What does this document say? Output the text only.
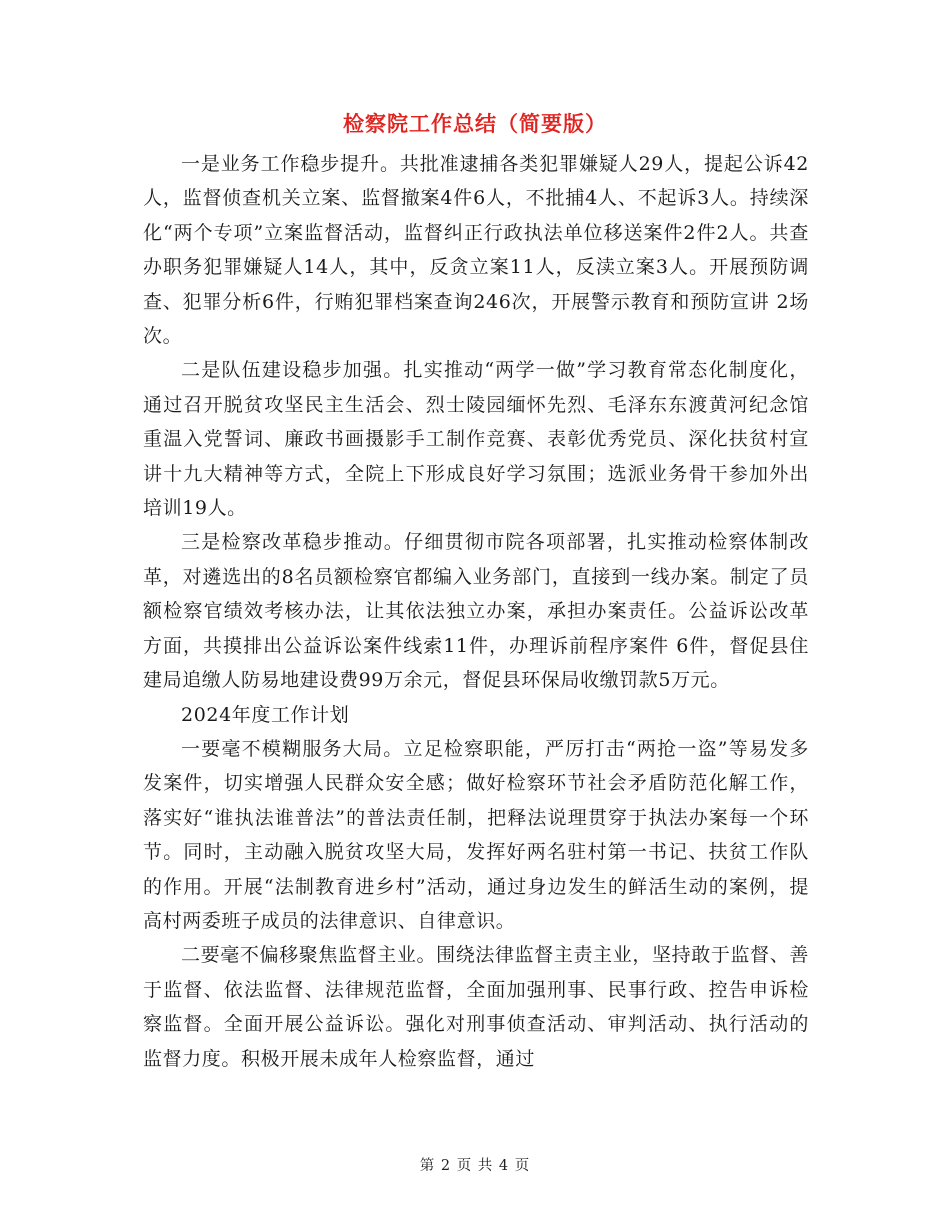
检察院工作总结（简要版）

一是业务工作稳步提升。共批准逮捕各类犯罪嫌疑人29人，提起公诉42人，监督侦查机关立案、监督撤案4件6人，不批捕4人、不起诉3人。持续深化“两个专项”立案监督活动，监督纠正行政执法单位移送案件2件2人。共查办职务犯罪嫌疑人14人，其中，反贪立案11人，反渎立案3人。开展预防调查、犯罪分析6件，行贿犯罪档案查询246次，开展警示教育和预防宣讲 2场次。

二是队伍建设稳步加强。扎实推动“两学一做”学习教育常态化制度化，通过召开脱贫攻坚民主生活会、烈士陵园缅怀先烈、毛泽东东渡黄河纪念馆重温入党誓词、廉政书画摄影手工制作竞赛、表彰优秀党员、深化扶贫村宣讲十九大精神等方式，全院上下形成良好学习氛围；选派业务骨干参加外出培训19人。

三是检察改革稳步推动。仔细贯彻市院各项部署，扎实推动检察体制改革，对遴选出的8名员额检察官都编入业务部门，直接到一线办案。制定了员额检察官绩效考核办法，让其依法独立办案，承担办案责任。公益诉讼改革方面，共摸排出公益诉讼案件线索11件，办理诉前程序案件 6件，督促县住建局追缴人防易地建设费99万余元，督促县环保局收缴罚款5万元。

2024年度工作计划

一要毫不模糊服务大局。立足检察职能，严厉打击“两抢一盗”等易发多发案件，切实增强人民群众安全感；做好检察环节社会矛盾防范化解工作，落实好“谁执法谁普法”的普法责任制，把释法说理贯穿于执法办案每一个环节。同时，主动融入脱贫攻坚大局，发挥好两名驻村第一书记、扶贫工作队的作用。开展“法制教育进乡村”活动，通过身边发生的鲜活生动的案例，提高村两委班子成员的法律意识、自律意识。

二要毫不偏移聚焦监督主业。围绕法律监督主责主业，坚持敢于监督、善于监督、依法监督、法律规范监督，全面加强刑事、民事行政、控告申诉检察监督。全面开展公益诉讼。强化对刑事侦查活动、审判活动、执行活动的监督力度。积极开展未成年人检察监督，通过

第 2 页 共 4 页
